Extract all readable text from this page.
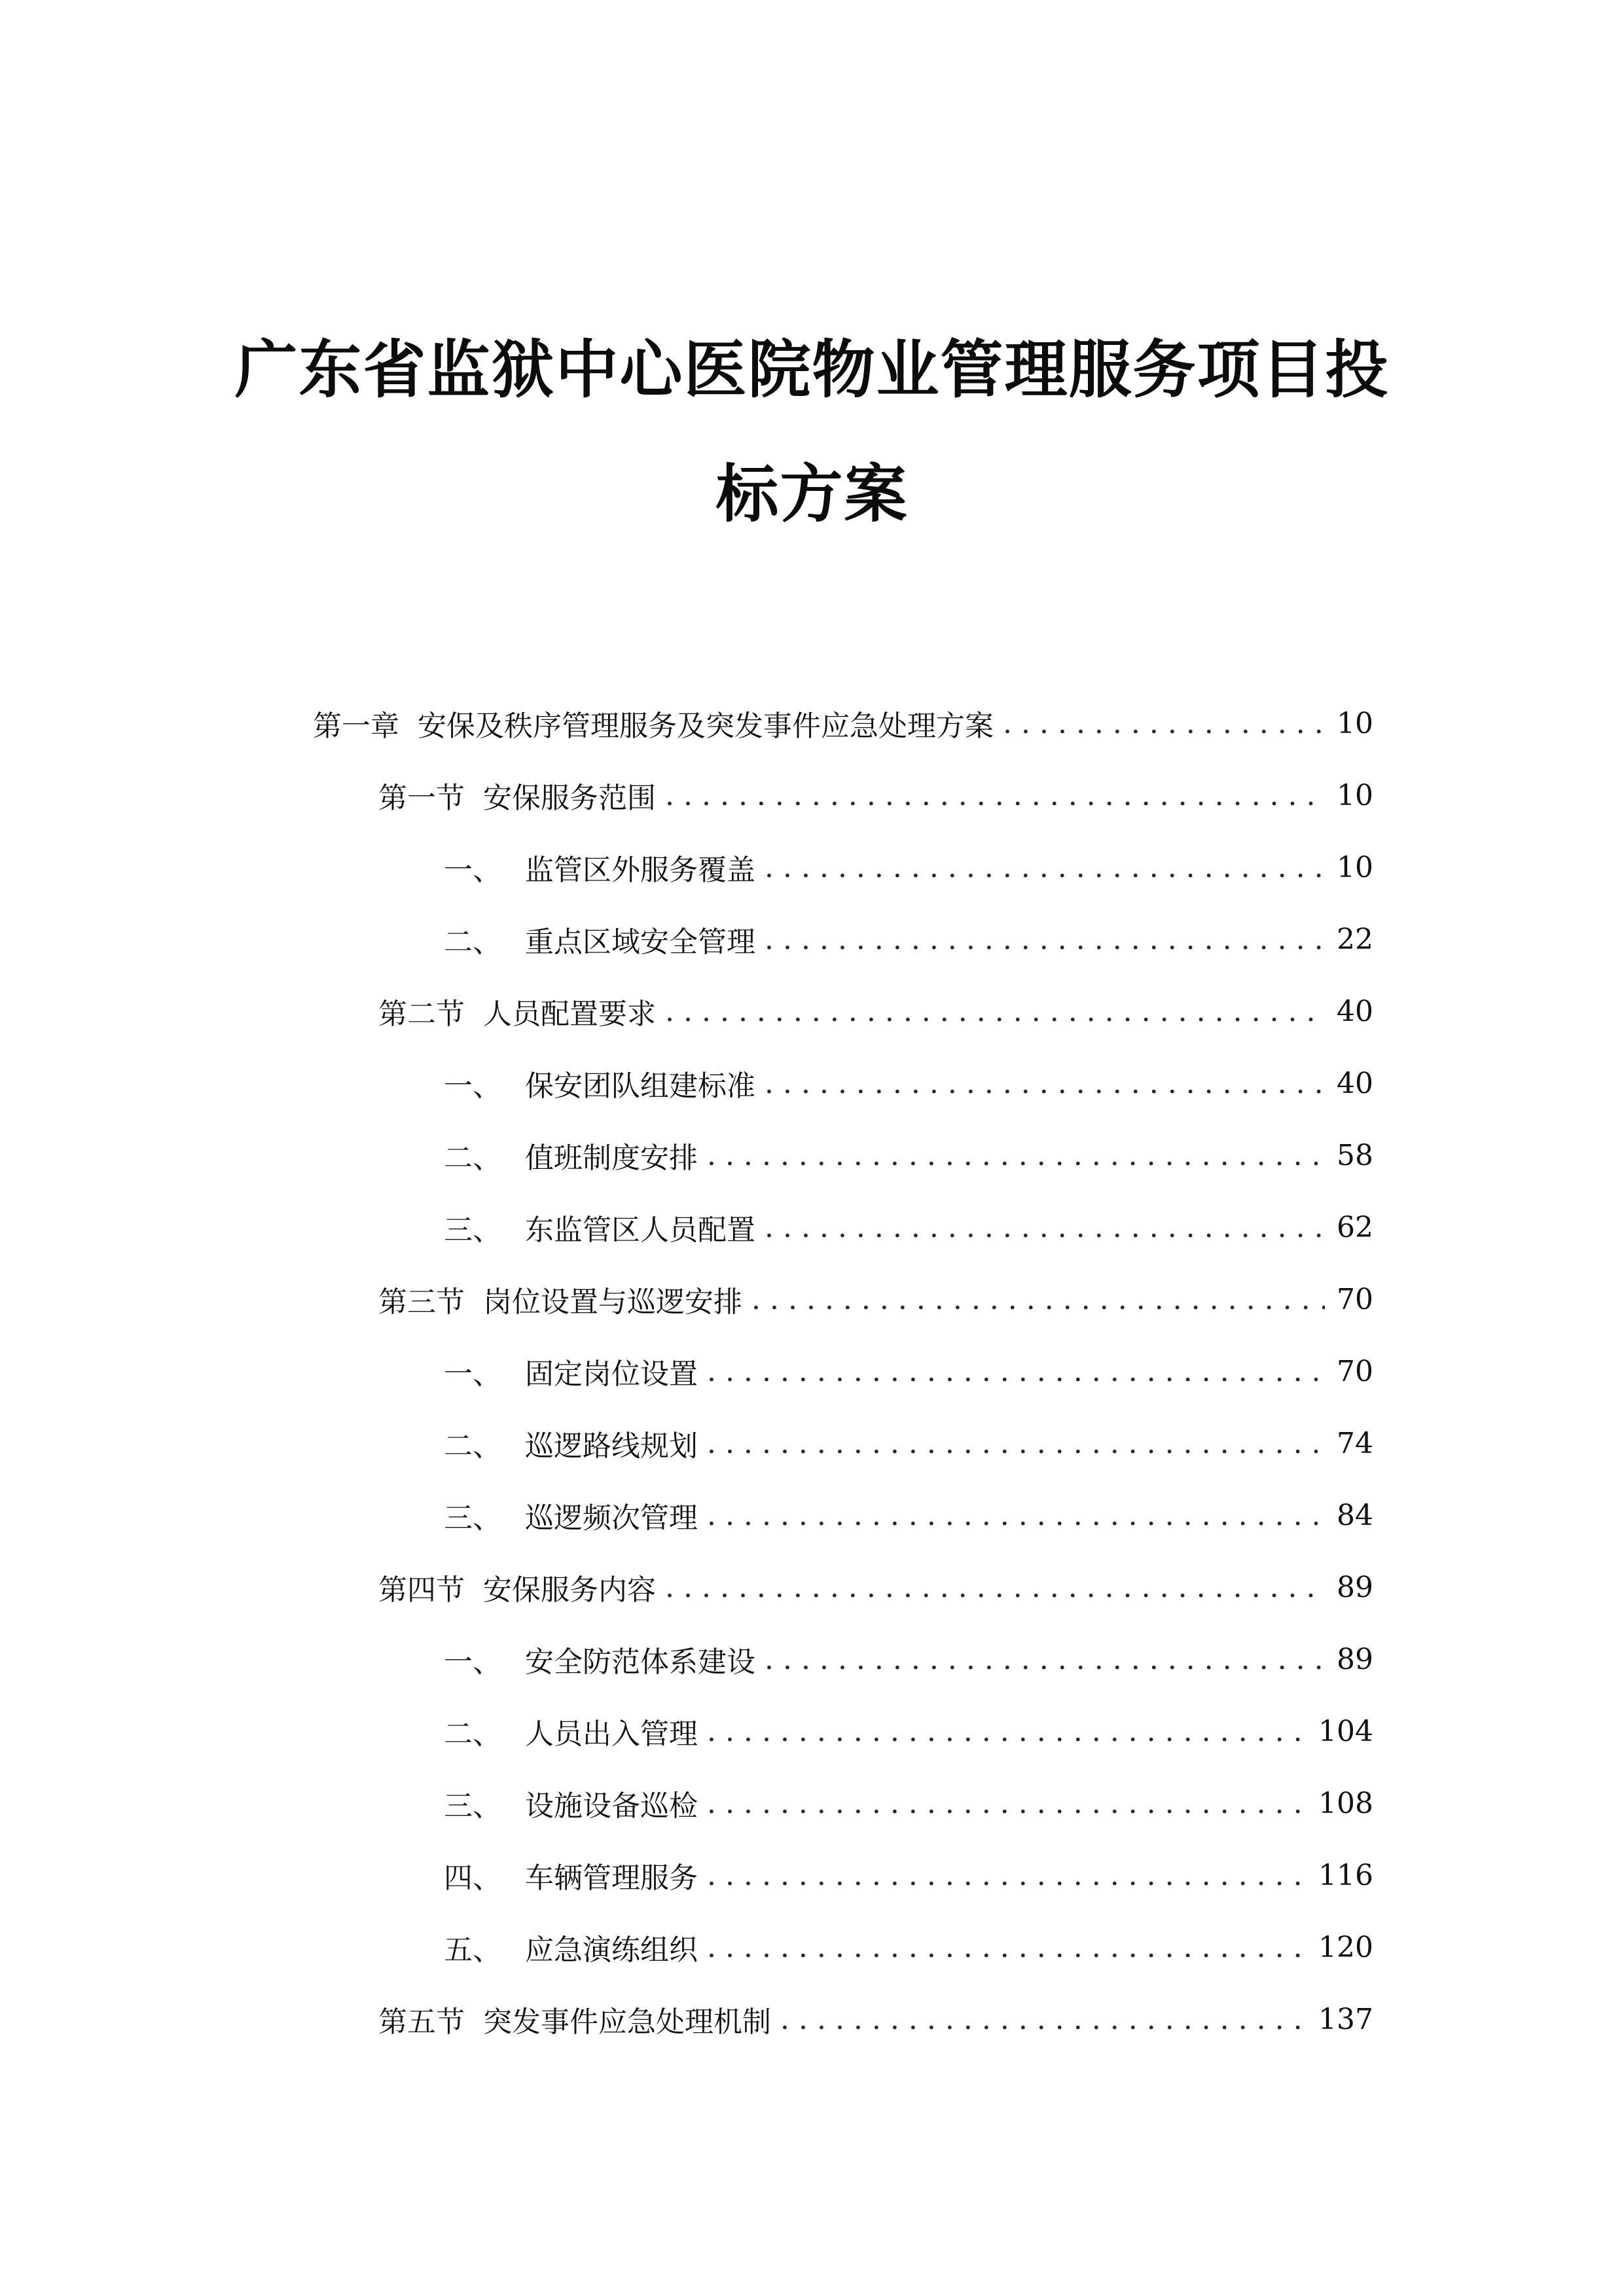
广东省监狱中心医院物业管理服务项目投
标方案
第一章 安保及秩序管理服务及突发事件应急处理方案 .....	10
第一节 安保服务范围 .....	10
一、 监管区外服务覆盖 .....	10
二、 重点区域安全管理 .....	22
第二节 人员配置要求 .....	40
一、 保安团队组建标准 .....	40
二、 值班制度安排 .....	58
三、 东监管区人员配置 .....	62
第三节 岗位设置与巡逻安排 .....	70
一、 固定岗位设置 .....	70
二、 巡逻路线规划 .....	74
三、 巡逻频次管理 .....	84
第四节 安保服务内容 .....	89
一、 安全防范体系建设 .....	89
二、 人员出入管理 .....	104
三、 设施设备巡检 .....	108
四、 车辆管理服务 .....	116
五、 应急演练组织 .....	120
第五节 突发事件应急处理机制 .....	137
